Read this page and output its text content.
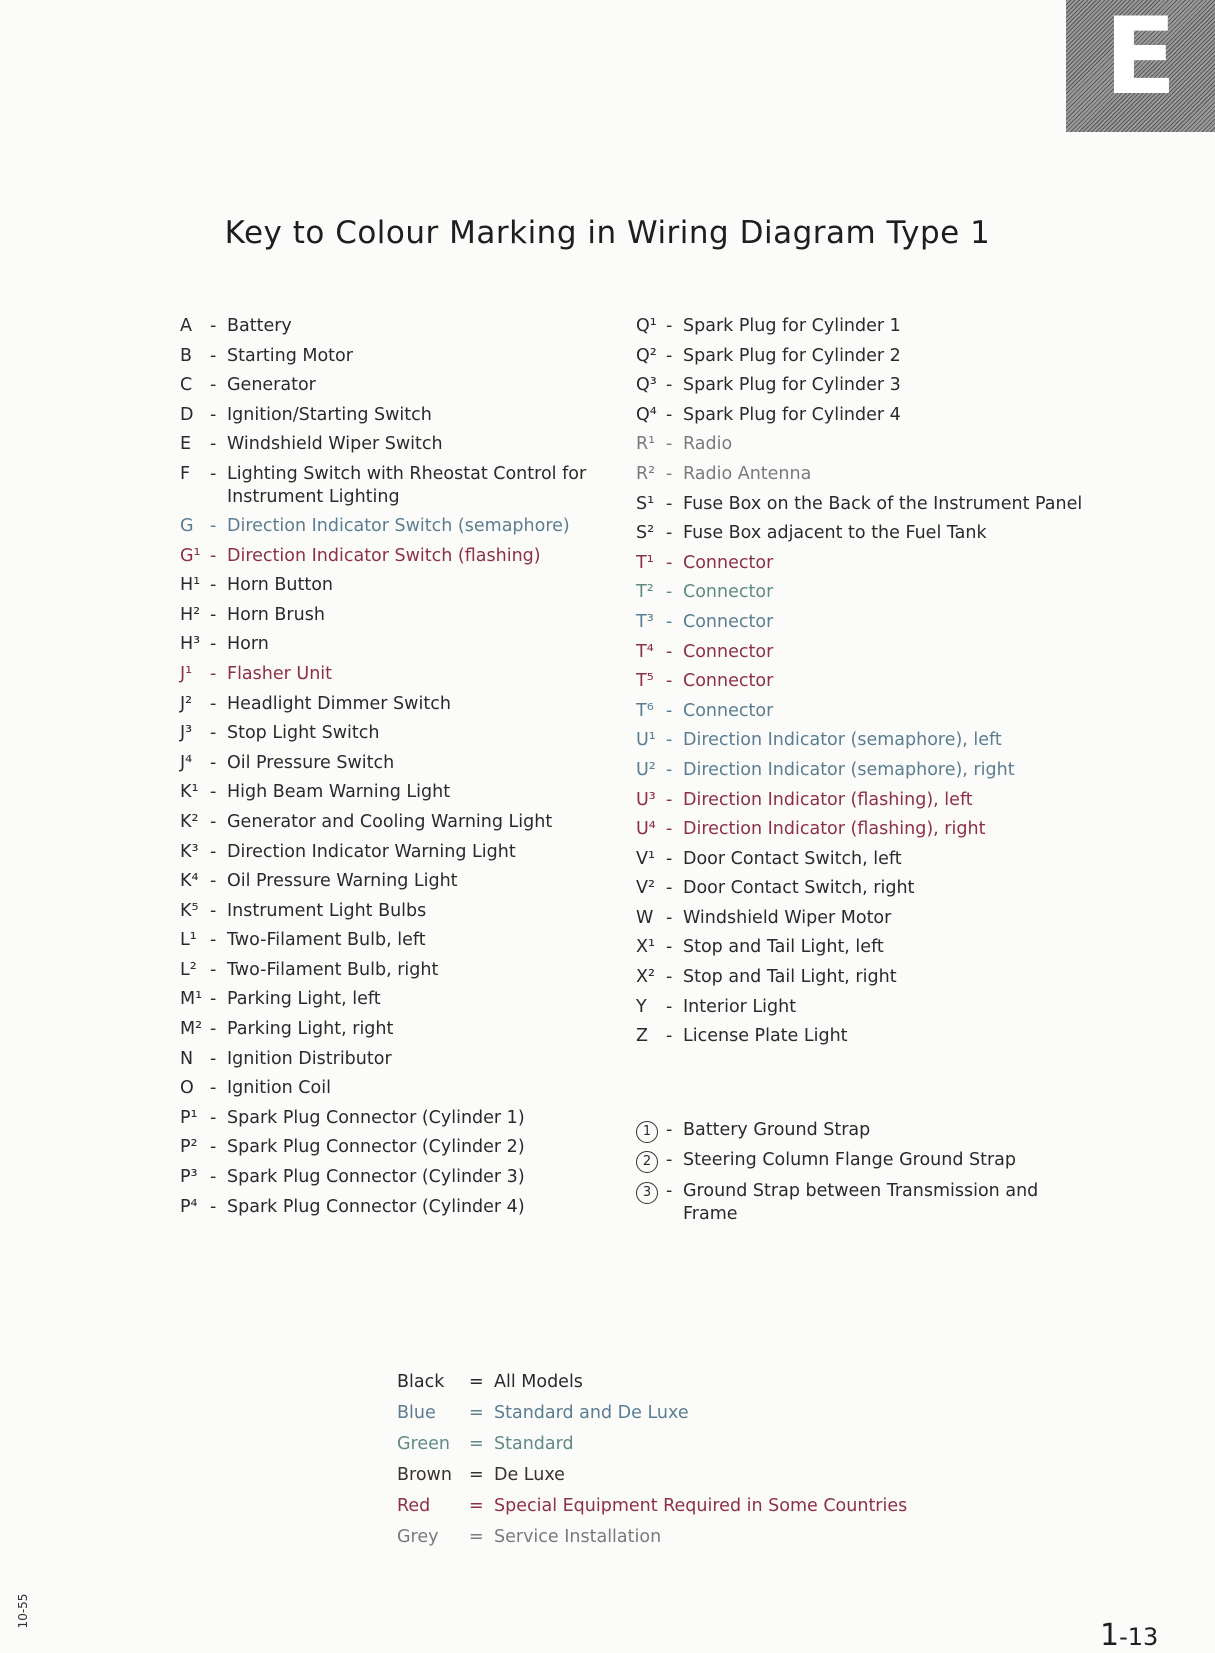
E
Key to Colour Marking in Wiring Diagram Type 1
A	- Battery
B	- Starting Motor
C	- Generator
D - Ignition/Starting Switch
E	- Windshield Wiper Switch
F	- Lighting Switch with Rheostat Control for Instrument Lighting
G - Direction Indicator Switch (semaphore)
G¹ - Direction Indicator Switch (flashing)
H¹ - Horn Button
H² - Horn Brush
H³ - Horn
J¹	- Flasher Unit
J²	- Headlight Dimmer Switch
J³	- Stop Light Switch
J⁴	- Oil Pressure Switch
K¹ - High Beam Warning Light
K² - Generator and Cooling Warning Light
K³ - Direction Indicator Warning Light
K⁴ - Oil Pressure Warning Light
K⁵ - Instrument Light Bulbs
L¹ - Two-Filament Bulb, left
L² - Two-Filament Bulb, right
M¹ - Parking Light, left
M² - Parking Light, right
N - Ignition Distributor
O - Ignition Coil
P¹ - Spark Plug Connector (Cylinder 1)
P² - Spark Plug Connector (Cylinder 2)
P³ - Spark Plug Connector (Cylinder 3)
P⁴ - Spark Plug Connector (Cylinder 4)
Q¹ - Spark Plug for Cylinder 1
Q² - Spark Plug for Cylinder 2
Q³ - Spark Plug for Cylinder 3
Q⁴ - Spark Plug for Cylinder 4
R¹ - Radio
R² - Radio Antenna
S¹ - Fuse Box on the Back of the Instrument Panel
S² - Fuse Box adjacent to the Fuel Tank
T¹ - Connector
T² - Connector
T³ - Connector
T⁴ - Connector
T⁵ - Connector
T⁶ - Connector
U¹ - Direction Indicator (semaphore), left
U² - Direction Indicator (semaphore), right
U³ - Direction Indicator (flashing), left
U⁴ - Direction Indicator (flashing), right
V¹ - Door Contact Switch, left
V² - Door Contact Switch, right
W - Windshield Wiper Motor
X¹ - Stop and Tail Light, left
X² - Stop and Tail Light, right
Y	- Interior Light
Z	- License Plate Light
1 - Battery Ground Strap
2 - Steering Column Flange Ground Strap
3 - Ground Strap between Transmission and Frame
Black	= All Models
Blue	= Standard and De Luxe
Green	= Standard
Brown = De Luxe
Red	= Special Equipment Required in Some Countries
Grey	= Service Installation
10-55
1-13
